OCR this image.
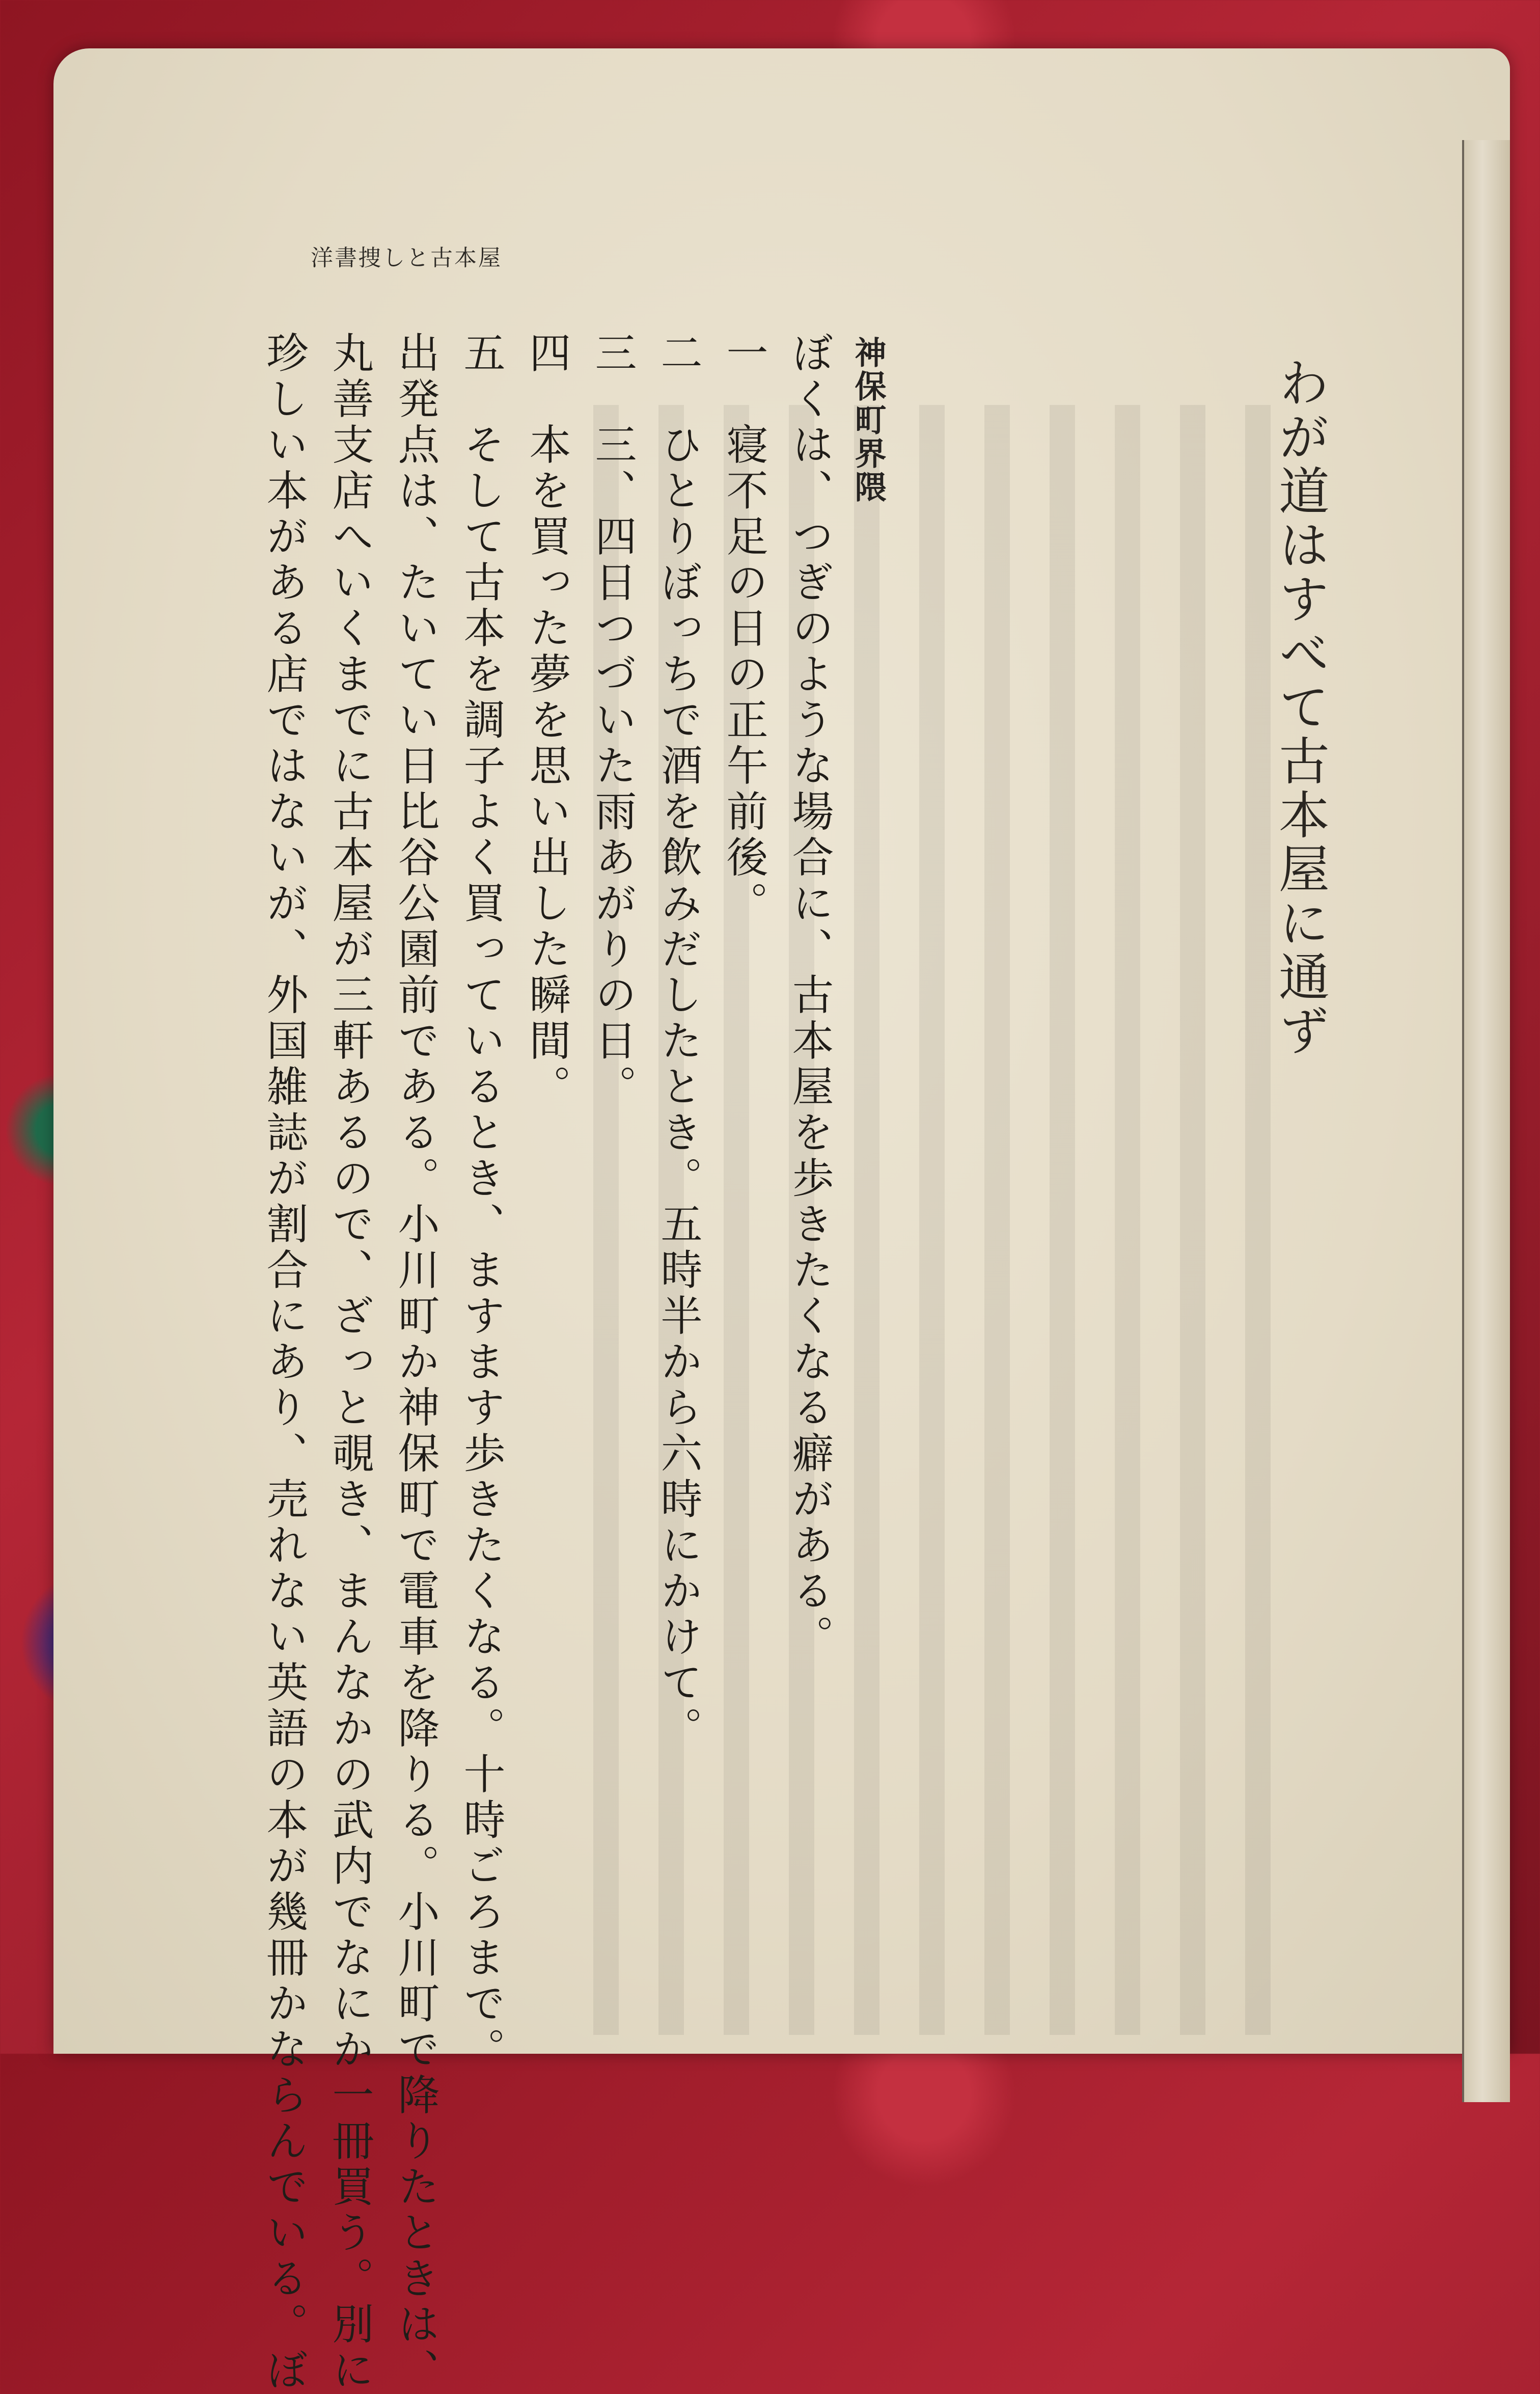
洋書捜しと古本屋
わが道はすべて古本屋に通ず
神保町界隈
ぼくは、つぎのような場合に、古本屋を歩きたくなる癖がある。
一　寝不足の日の正午前後。
二　ひとりぼっちで酒を飲みだしたとき。五時半から六時にかけて。
三　三、四日つづいた雨あがりの日。
四　本を買った夢を思い出した瞬間。
五　そして古本を調子よく買っているとき、ますます歩きたくなる。十時ごろまで。
出発点は、たいてい日比谷公園前である。小川町か神保町で電車を降りる。小川町で降りたときは、
丸善支店へいくまでに古本屋が三軒あるので、ざっと覗き、まんなかの武内でなにか一冊買う。別に
珍しい本がある店ではないが、外国雑誌が割合にあり、売れない英語の本が幾冊かならんでいる。ぼ
